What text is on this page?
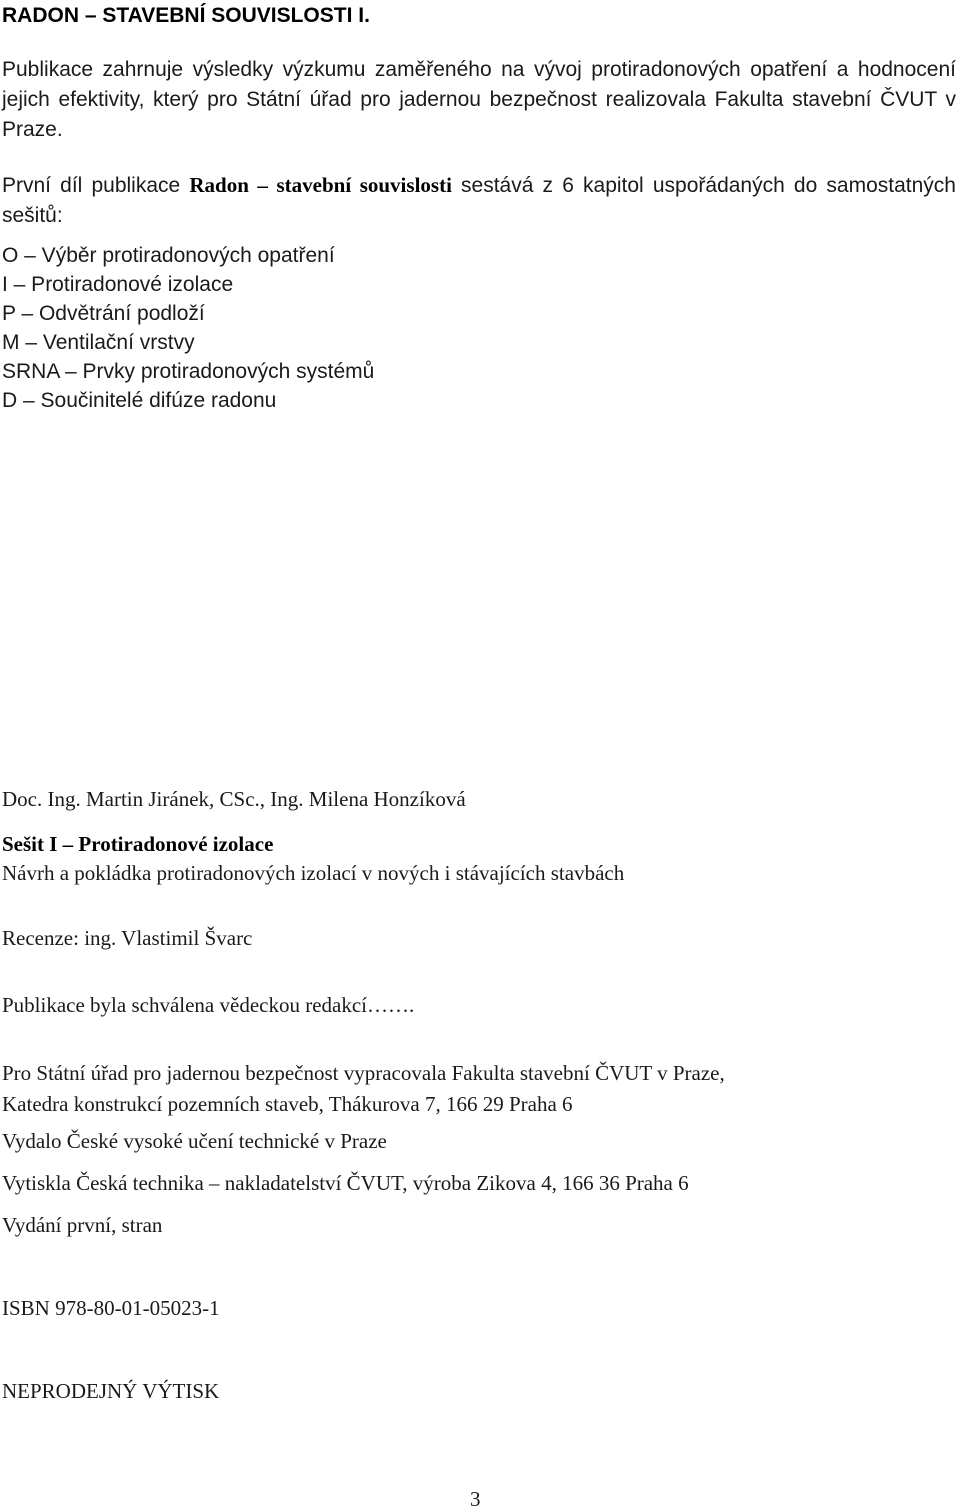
RADON – STAVEBNÍ SOUVISLOSTI I.

Publikace zahrnuje výsledky výzkumu zaměřeného na vývoj protiradonových opatření a hodnocení jejich efektivity, který pro Státní úřad pro jadernou bezpečnost realizovala Fakulta stavební ČVUT v Praze.

První díl publikace Radon – stavební souvislosti sestává z 6 kapitol uspořádaných do samostatných sešitů:

O – Výběr protiradonových opatření
I – Protiradonové izolace
P – Odvětrání podloží
M – Ventilační vrstvy
SRNA – Prvky protiradonových systémů
D – Součinitelé difúze radonu
Doc. Ing. Martin Jiránek, CSc., Ing. Milena Honzíková
Sešit I – Protiradonové izolace
Návrh a pokládka protiradonových izolací v nových i stávajících stavbách
Recenze: ing. Vlastimil Švarc
Publikace byla schválena vědeckou redakcí…….
Pro Státní úřad pro jadernou bezpečnost vypracovala Fakulta stavební ČVUT v Praze,
Katedra konstrukcí pozemních staveb, Thákurova 7, 166 29 Praha 6
Vydalo České vysoké učení technické v Praze
Vytiskla Česká technika – nakladatelství ČVUT, výroba Zikova 4, 166 36 Praha 6
Vydání první, stran
ISBN 978-80-01-05023-1
NEPRODEJNÝ VÝTISK
3
